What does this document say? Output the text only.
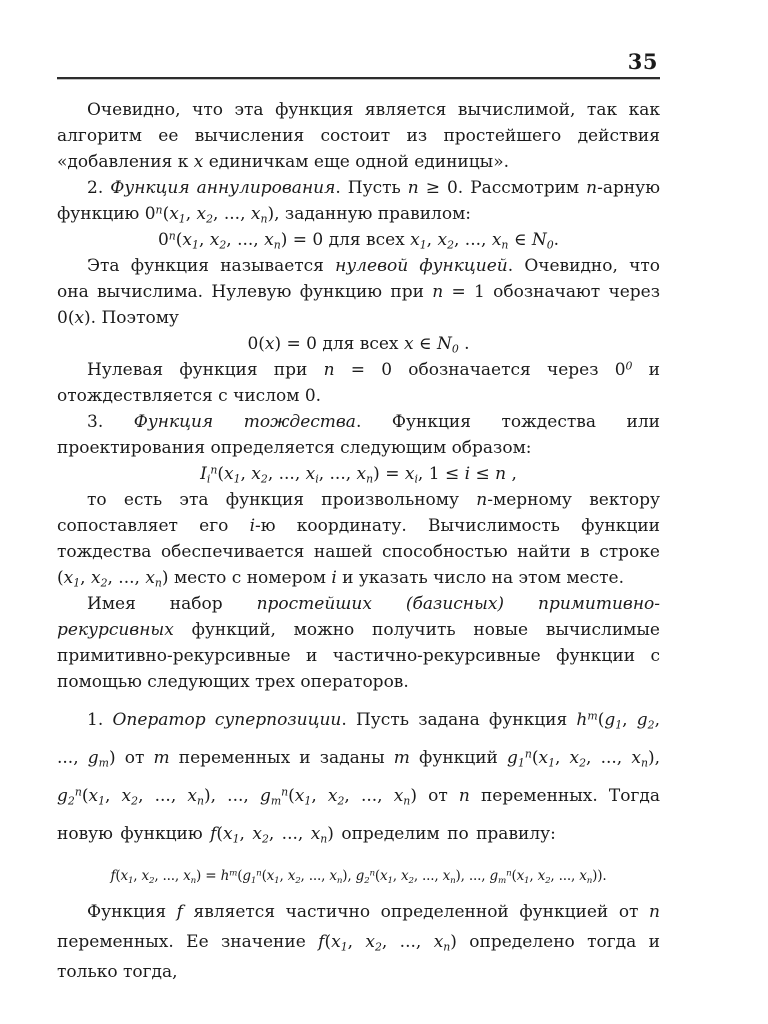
35

Очевидно, что эта функция является вычислимой, так как алгоритм ее вычисления состоит из простейшего действия «добавления к x единичкам еще одной единицы».

2. Функция аннулирования. Пусть n ≥ 0. Рассмотрим n-арную функцию $0^n(x_1$, $x_2$, ..., $x_n$), заданную правилом:

$0^n(x_1$, $x_2$, ..., $x_n) = 0$ для всех $x_1$, $x_2$, ..., $x_n$ ∈ $N_0$.

Эта функция называется нулевой функцией. Очевидно, что она вычислима. Нулевую функцию при n = 1 обозначают через 0(x). Поэтому

0(x) = 0 для всех x ∈ $N_0$ .

Нулевая функция при n = 0 обозначается через $0^0$ и отождествляется с числом 0.

3. Функция тождества. Функция тождества или проектирования определяется следующим образом:

$I_i^n(x_1$, $x_2$, ..., $x_i$, ..., $x_n) = x_i$, 1 ≤ i ≤ n ,

то есть эта функция произвольному n-мерному вектору сопоставляет его i-ю координату. Вычислимость функции тождества обеспечивается нашей способностью найти в строке ($x_1$, $x_2$, ..., $x_n$) место с номером i и указать число на этом месте.

Имея набор простейших (базисных) примитивно-рекурсивных функций, можно получить новые вычислимые примитивно-рекурсивные и частично-рекурсивные функции с помощью следующих трех операторов.

1. Оператор суперпозиции. Пусть задана функция $h^m(g_1$, $g_2$, ..., $g_m$) от m переменных и заданы m функций $g_1^n(x_1$, $x_2$, ..., $x_n$), $g_2^n(x_1$, $x_2$, ..., $x_n$), ..., $g_m^n(x_1$, $x_2$, ..., $x_n$) от n переменных. Тогда новую функцию $f(x_1$, $x_2$, ..., $x_n$) определим по правилу:

$f(x_1$, $x_2$, ..., $x_n) = h^m(g_1^n(x_1$, $x_2$, ..., $x_n$), $g_2^n(x_1$, $x_2$, ..., $x_n$), ..., $g_m^n(x_1$, $x_2$, ..., $x_n$)).

Функция f является частично определенной функцией от n переменных. Ее значение $f(x_1$, $x_2$, ..., $x_n$) определено тогда и только тогда,
